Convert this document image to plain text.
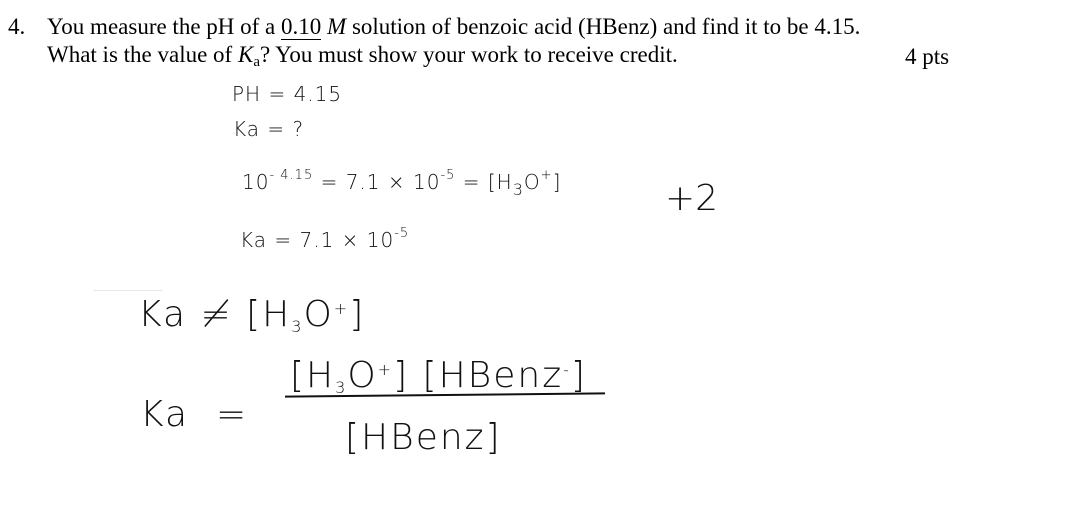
4. You measure the pH of a 0.10 M solution of benzoic acid (HBenz) and find it to be 4.15.
What is the value of $K_a$? You must show your work to receive credit.	4 pts
PH = 4.15
Ka = ?
$10^{- 4.15} = 7.1 \times 10^{-5} = [H_3O^+]$	+2
$Ka = 7.1 \times 10^{-5}$
$Ka \ne [H_3O^+]$
$[H_3O^+]$ [HBenz-]
Ka =
[HBenz]
